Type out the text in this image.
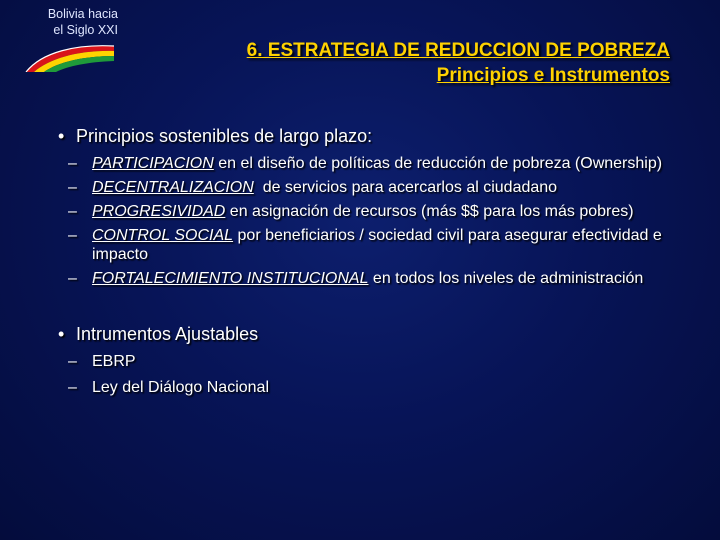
Bolivia hacia
el Siglo XXI
6. ESTRATEGIA DE REDUCCION DE POBREZA
Principios e Instrumentos
• Principios sostenibles de largo plazo:
– PARTICIPACION en el diseño de políticas de reducción de pobreza (Ownership)
– DECENTRALIZACION  de servicios para acercarlos al ciudadano
– PROGRESIVIDAD en asignación de recursos (más $$ para los más pobres)
– CONTROL SOCIAL por beneficiarios / sociedad civil para asegurar efectividad e impacto
– FORTALECIMIENTO INSTITUCIONAL en todos los niveles de administración
• Intrumentos Ajustables
– EBRP
– Ley del Diálogo Nacional
